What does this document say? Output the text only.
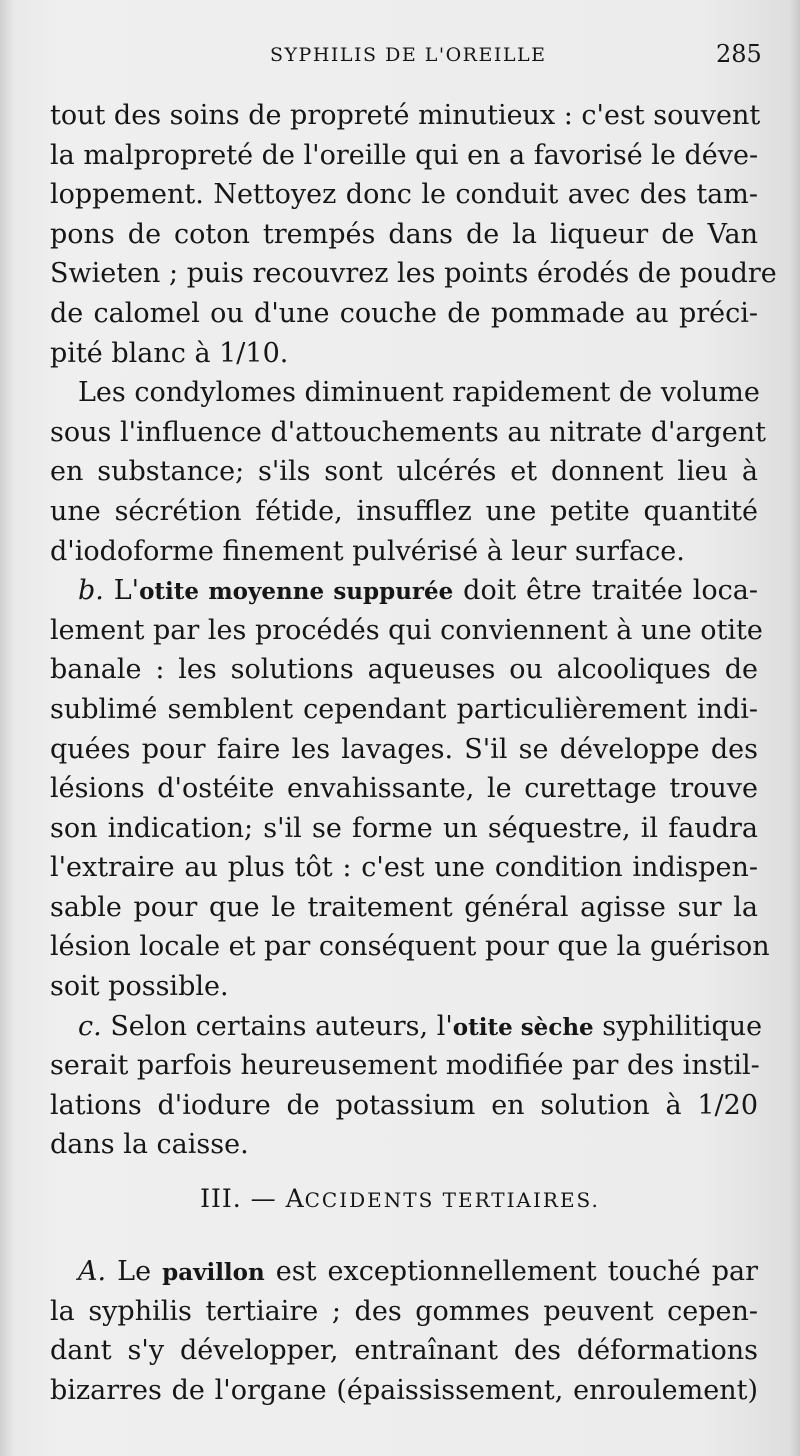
SYPHILIS DE L'OREILLE	285
tout des soins de propreté minutieux : c'est souvent
la malpropreté de l'oreille qui en a favorisé le déve-
loppement. Nettoyez donc le conduit avec des tam-
pons de coton trempés dans de la liqueur de Van
Swieten ; puis recouvrez les points érodés de poudre
de calomel ou d'une couche de pommade au préci-
pité blanc à 1/10.
Les condylomes diminuent rapidement de volume
sous l'influence d'attouchements au nitrate d'argent
en substance; s'ils sont ulcérés et donnent lieu à
une sécrétion fétide, insufflez une petite quantité
d'iodoforme finement pulvérisé à leur surface.
b. L'otite moyenne suppurée doit être traitée loca-
lement par les procédés qui conviennent à une otite
banale : les solutions aqueuses ou alcooliques de
sublimé semblent cependant particulièrement indi-
quées pour faire les lavages. S'il se développe des
lésions d'ostéite envahissante, le curettage trouve
son indication; s'il se forme un séquestre, il faudra
l'extraire au plus tôt : c'est une condition indispen-
sable pour que le traitement général agisse sur la
lésion locale et par conséquent pour que la guérison
soit possible.
c. Selon certains auteurs, l'otite sèche syphilitique
serait parfois heureusement modifiée par des instil-
lations d'iodure de potassium en solution à 1/20
dans la caisse.
III. — ACCIDENTS TERTIAIRES.
A. Le pavillon est exceptionnellement touché par
la syphilis tertiaire ; des gommes peuvent cepen-
dant s'y développer, entraînant des déformations
bizarres de l'organe (épaississement, enroulement)
